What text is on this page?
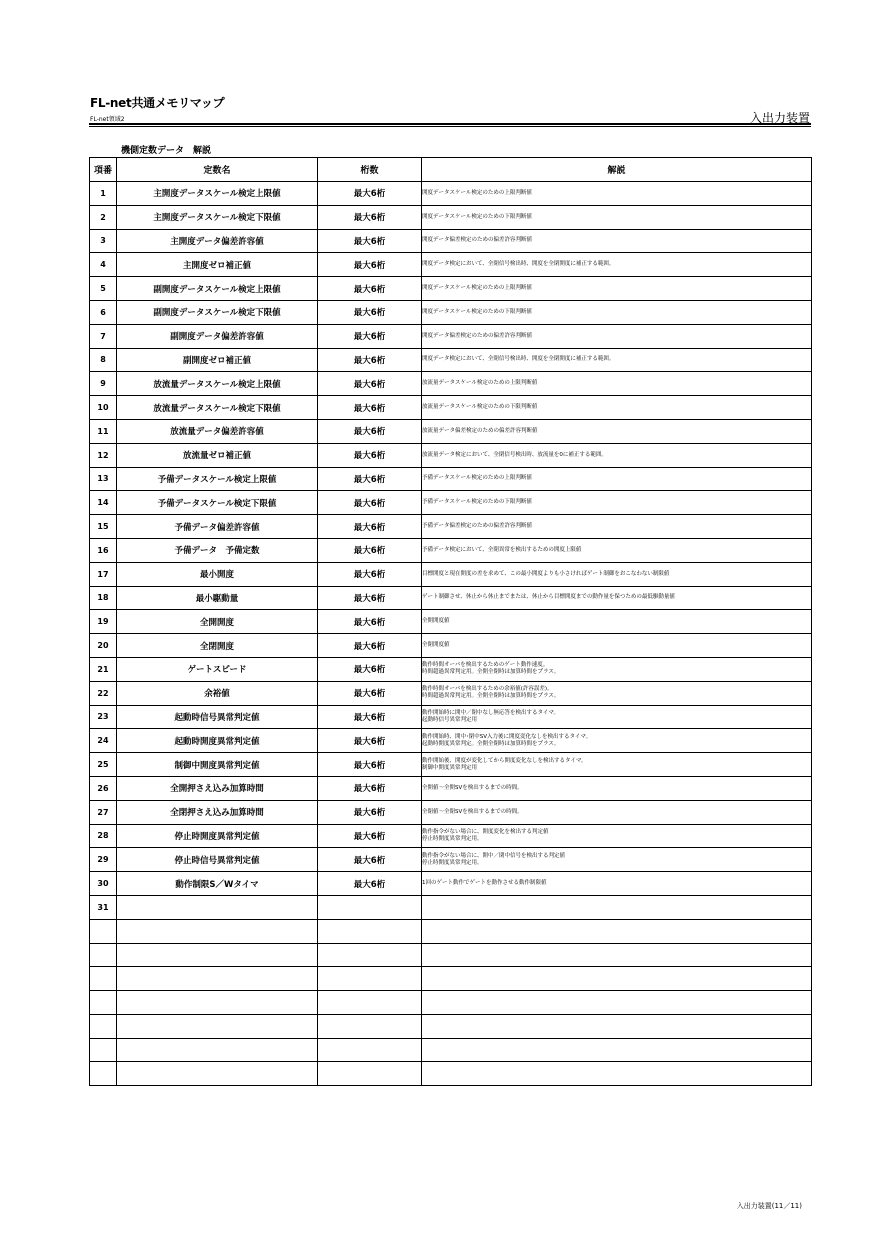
FL-net共通メモリマップ
FL-net領域2	入出力装置
機側定数データ　解説
項番	定数名	桁数	解説
1	主開度データスケール検定上限値	最大6桁	開度データスケール検定のための上限判断値

2	主開度データスケール検定下限値	最大6桁	開度データスケール検定のための下限判断値

3	主開度データ偏差許容値	最大6桁	開度データ偏差検定のための偏差許容判断値

4	主開度ゼロ補正値	最大6桁	開度データ検定において、全閉信号検出時、開度を全閉開度に補正する範囲。

5	副開度データスケール検定上限値	最大6桁	開度データスケール検定のための上限判断値

6	副開度データスケール検定下限値	最大6桁	開度データスケール検定のための下限判断値

7	副開度データ偏差許容値	最大6桁	開度データ偏差検定のための偏差許容判断値

8	副開度ゼロ補正値	最大6桁	開度データ検定において、全閉信号検出時、開度を全閉開度に補正する範囲。

9	放流量データスケール検定上限値	最大6桁	放流量データスケール検定のための上限判断値

10	放流量データスケール検定下限値	最大6桁	放流量データスケール検定のための下限判断値

11	放流量データ偏差許容値	最大6桁	放流量データ偏差検定のための偏差許容判断値

12	放流量ゼロ補正値	最大6桁	放流量データ検定において、全閉信号検出時、放流量を0に補正する範囲。

13	予備データスケール検定上限値	最大6桁	予備データスケール検定のための上限判断値

14	予備データスケール検定下限値	最大6桁	予備データスケール検定のための下限判断値

15	予備データ偏差許容値	最大6桁	予備データ偏差検定のための偏差許容判断値

16	予備データ　予備定数	最大6桁	予備データ検定において、全閉異常を検出するための開度上限値

17	最小開度	最大6桁	目標開度と現在開度の差を求めて、この最小開度よりも小さければゲート制御をおこなわない制限値

18	最小駆動量	最大6桁	ゲート制御させ、休止から休止までまたは、休止から目標開度までの動作量を保つための最低駆動量値

19	全開開度	最大6桁	全開開度値

20	全閉開度	最大6桁	全閉開度値

21	ゲートスピード	最大6桁	動作時間オーバを検出するためのゲート動作速度。
時間超過異常判定用。全開全閉時は加算時間をプラス。

22	余裕値	最大6桁	動作時間オーバを検出するための余裕値(許容誤差)。
時間超過異常判定用。全開全閉時は加算時間をプラス。

23	起動時信号異常判定値	最大6桁	動作開始時に開中／閉中なし無応答を検出するタイマ。
起動時信号異常判定用

24	起動時開度異常判定値	最大6桁	動作開始時、開中･閉中SV入力後に開度変化なしを検出するタイマ。
起動時開度異常判定。全開全閉時は加算時間をプラス。

25	制御中開度異常判定値	最大6桁	動作開始後、開度が変化してから開度変化なしを検出するタイマ。
制御中開度異常判定用

26	全開押さえ込み加算時間	最大6桁	全開値～全開SVを検出するまでの時間。

27	全閉押さえ込み加算時間	最大6桁	全閉値～全閉SVを検出するまでの時間。

28	停止時開度異常判定値	最大6桁	動作指令がない場合に、開度変化を検出する判定値
停止時開度異常判定用。

29	停止時信号異常判定値	最大6桁	動作指令がない場合に、開中／閉中信号を検出する判定値
停止時開度異常判定用。

30	動作制限S／Wタイマ	最大6桁	1回のゲート動作でゲートを動作させる動作制限値

31			

入出力装置(11／11)
